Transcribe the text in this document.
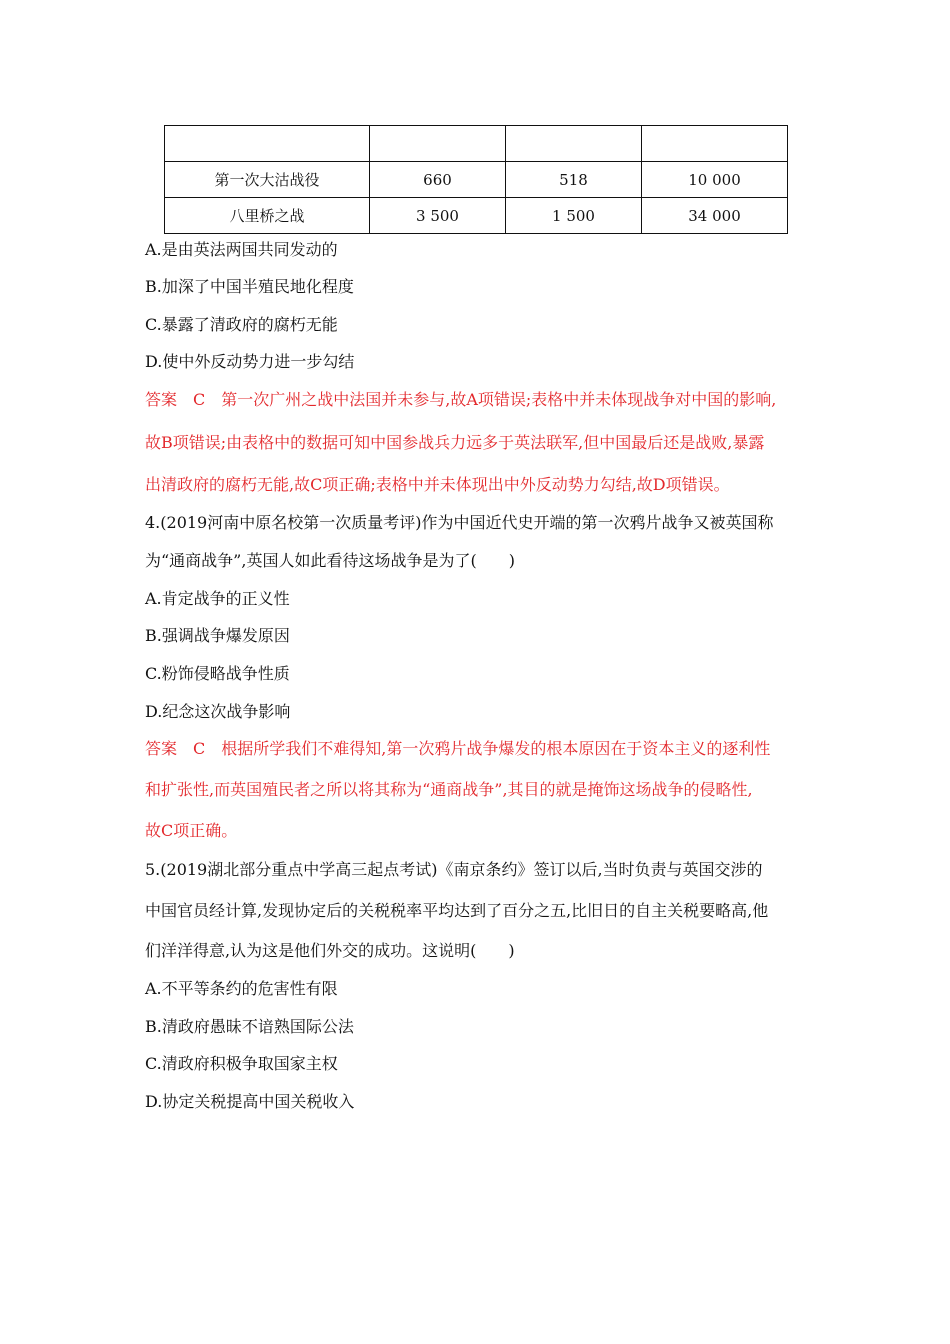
第一次大沽战役	660	518	10 000
八里桥之战	3 500	1 500	34 000
A.是由英法两国共同发动的
B.加深了中国半殖民地化程度
C.暴露了清政府的腐朽无能
D.使中外反动势力进一步勾结
答案　C　第一次广州之战中法国并未参与,故A项错误;表格中并未体现战争对中国的影响,
故B项错误;由表格中的数据可知中国参战兵力远多于英法联军,但中国最后还是战败,暴露
出清政府的腐朽无能,故C项正确;表格中并未体现出中外反动势力勾结,故D项错误。
4.(2019河南中原名校第一次质量考评)作为中国近代史开端的第一次鸦片战争又被英国称
为“通商战争”,英国人如此看待这场战争是为了(　　)
A.肯定战争的正义性
B.强调战争爆发原因
C.粉饰侵略战争性质
D.纪念这次战争影响
答案　C　根据所学我们不难得知,第一次鸦片战争爆发的根本原因在于资本主义的逐利性
和扩张性,而英国殖民者之所以将其称为“通商战争”,其目的就是掩饰这场战争的侵略性,
故C项正确。
5.(2019湖北部分重点中学高三起点考试)《南京条约》签订以后,当时负责与英国交涉的
中国官员经计算,发现协定后的关税税率平均达到了百分之五,比旧日的自主关税要略高,他
们洋洋得意,认为这是他们外交的成功。这说明(　　)
A.不平等条约的危害性有限
B.清政府愚昧不谙熟国际公法
C.清政府积极争取国家主权
D.协定关税提高中国关税收入
